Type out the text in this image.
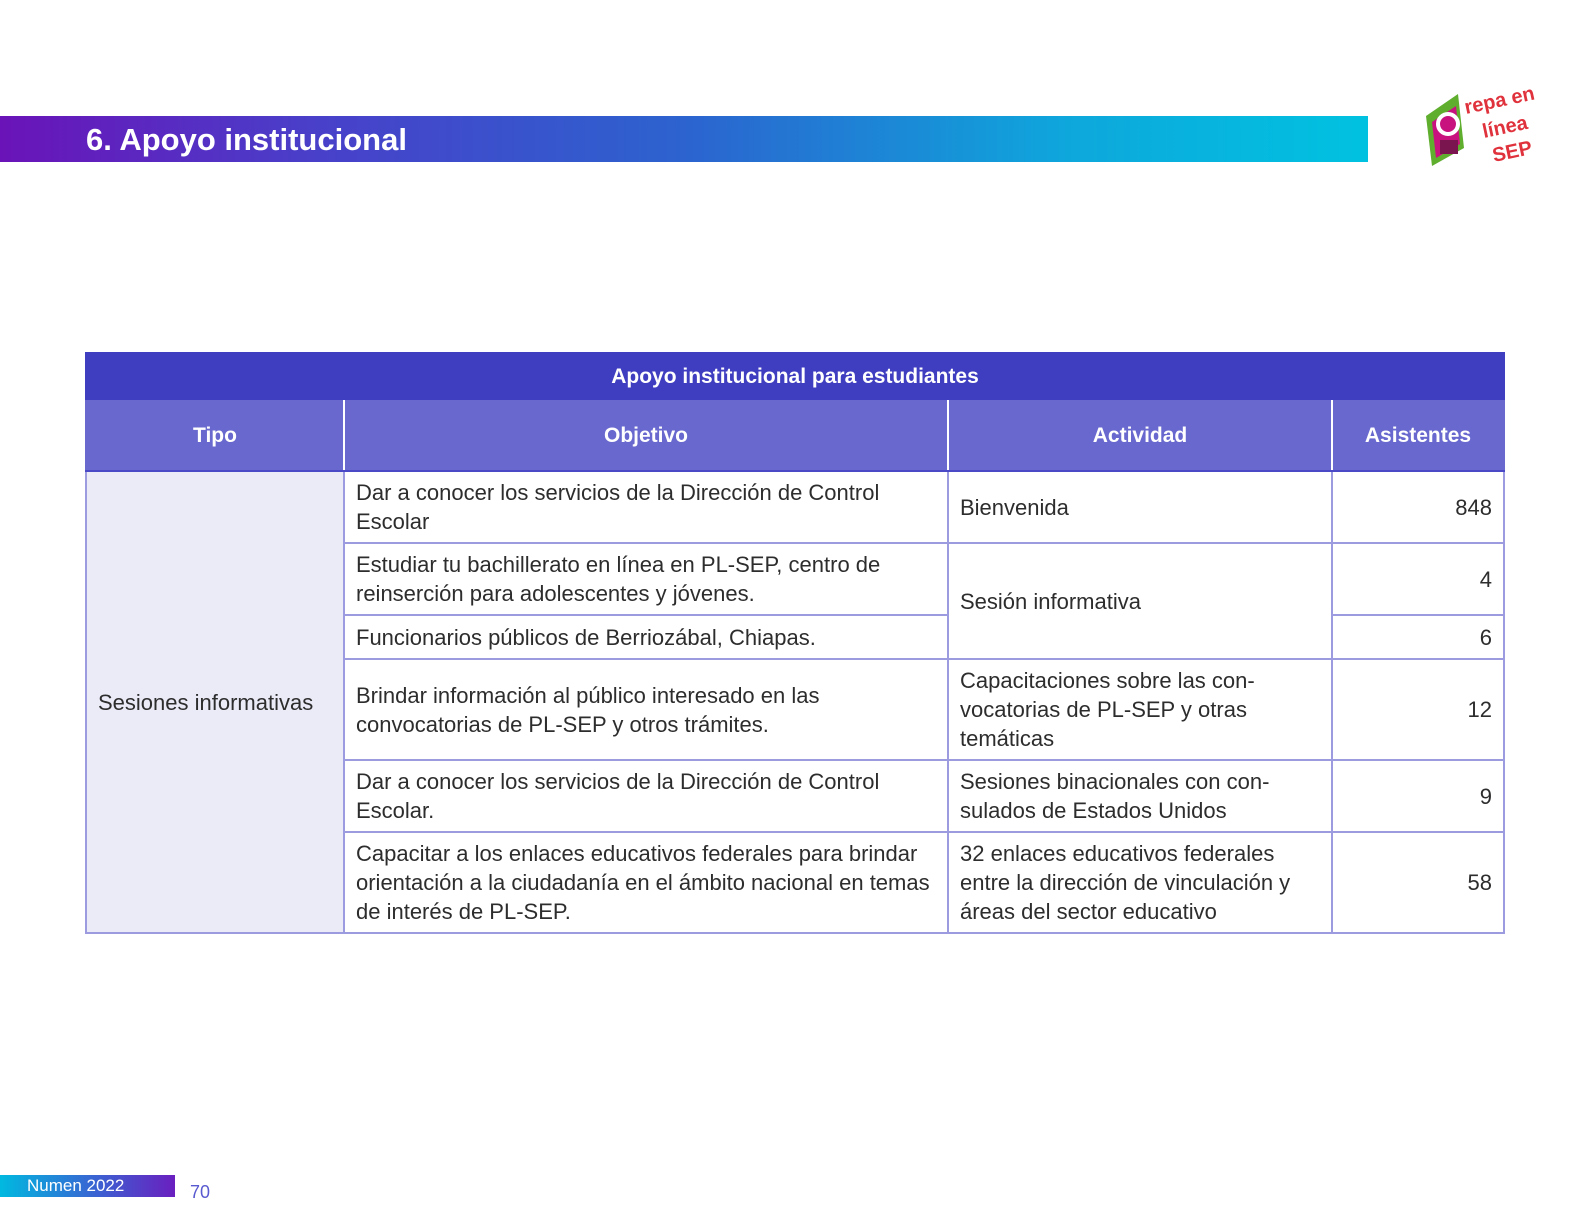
6. Apoyo institucional
repa en
línea
SEP
Apoyo institucional para estudiantes			
Tipo	Objetivo	Actividad	Asistentes
Sesiones informativas	Dar a conocer los servicios de la Dirección de Control Escolar	Bienvenida	848
	Estudiar tu bachillerato en línea en PL-SEP, centro de reinserción para adolescentes y jóvenes.	Sesión informativa	4
	Funcionarios públicos de Berriozábal, Chiapas.		6
	Brindar información al público interesado en las convocatorias de PL-SEP y otros trámites.	Capacitaciones sobre las con-vocatorias de PL-SEP y otras temáticas	12
	Dar a conocer los servicios de la Dirección de Control Escolar.	Sesiones binacionales con con-sulados de Estados Unidos	9
	Capacitar a los enlaces educativos federales para brindar orientación a la ciudadanía en el ámbito nacional en temas de interés de PL-SEP.	32 enlaces educativos federales entre la dirección de vinculación y áreas del sector educativo	58

Numen 2022	70
